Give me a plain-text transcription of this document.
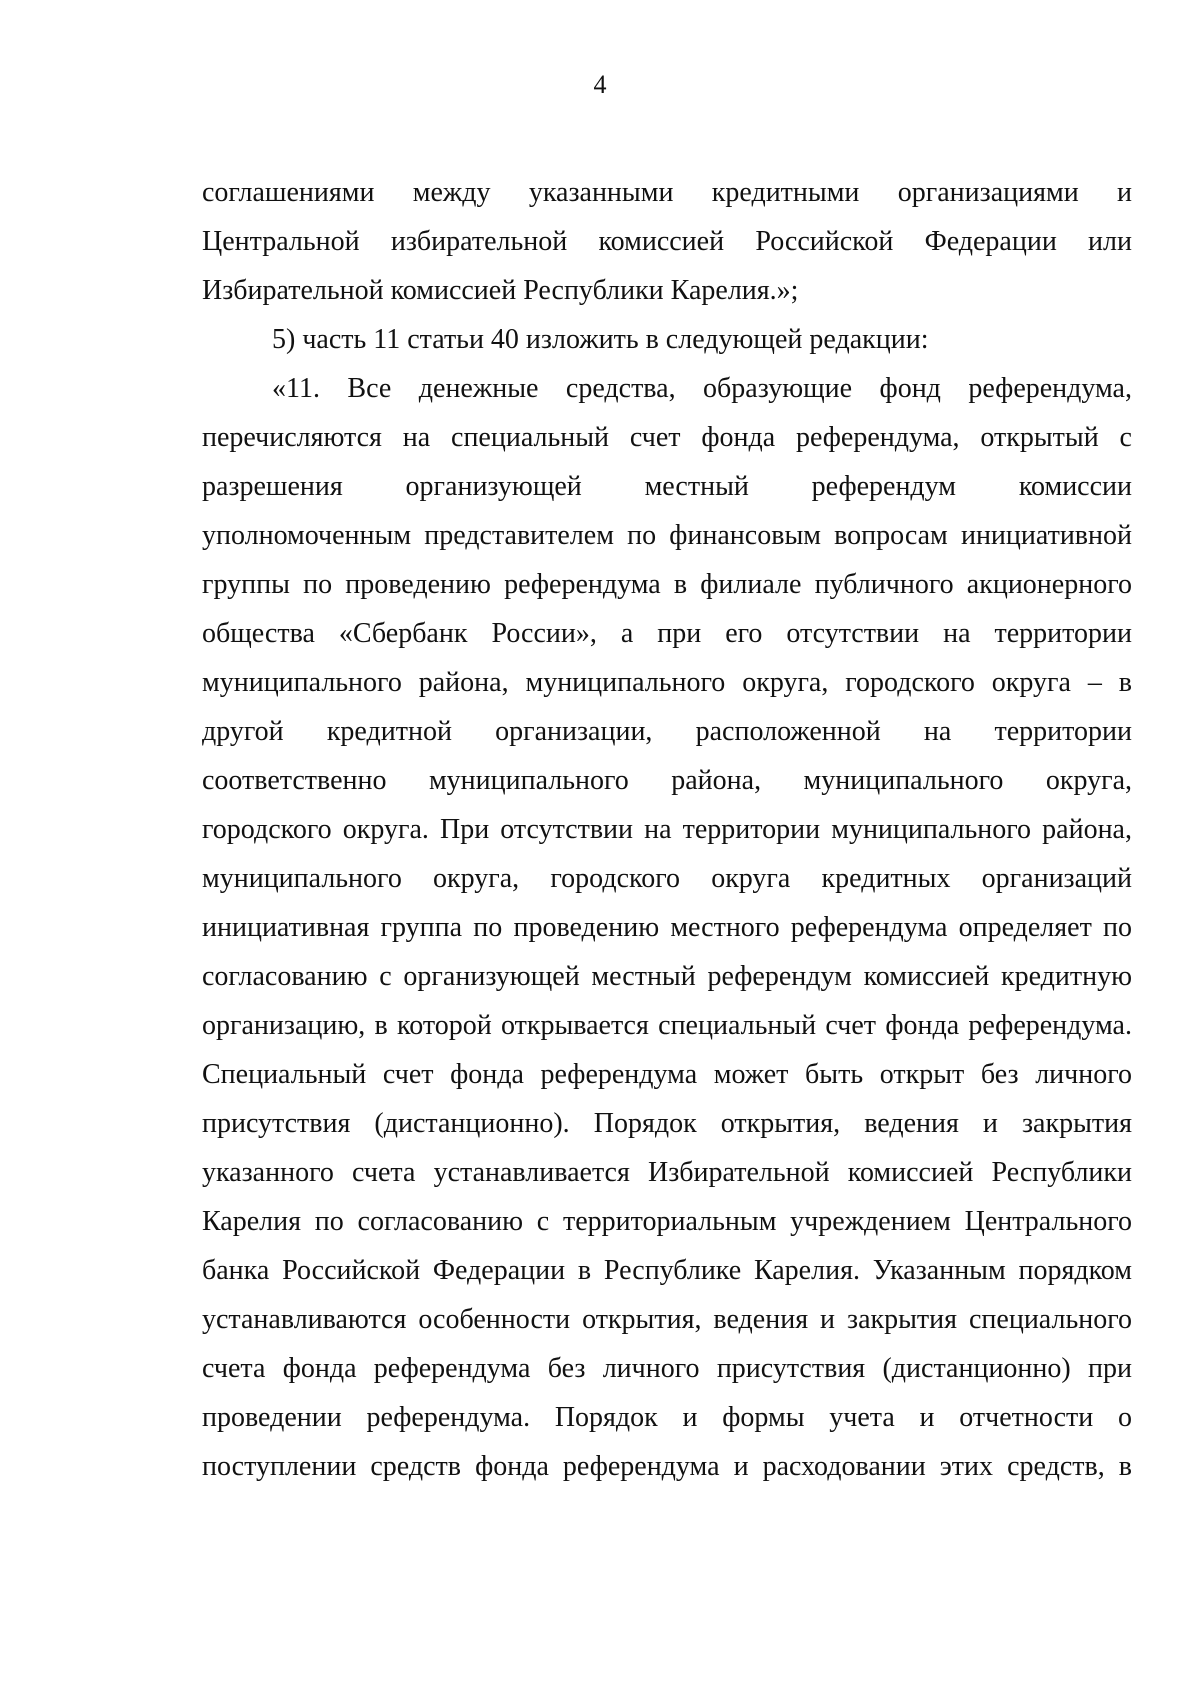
4
соглашениями между указанными кредитными организациями и
Центральной избирательной комиссией Российской Федерации или
Избирательной комиссией Республики Карелия.»;
5) часть 11 статьи 40 изложить в следующей редакции:
«11. Все денежные средства, образующие фонд референдума,
перечисляются на специальный счет фонда референдума, открытый с
разрешения организующей местный референдум комиссии
уполномоченным представителем по финансовым вопросам инициативной
группы по проведению референдума в филиале публичного акционерного
общества «Сбербанк России», а при его отсутствии на территории
муниципального района, муниципального округа, городского округа – в
другой кредитной организации, расположенной на территории
соответственно муниципального района, муниципального округа,
городского округа. При отсутствии на территории муниципального района,
муниципального округа, городского округа кредитных организаций
инициативная группа по проведению местного референдума определяет по
согласованию с организующей местный референдум комиссией кредитную
организацию, в которой открывается специальный счет фонда референдума.
Специальный счет фонда референдума может быть открыт без личного
присутствия (дистанционно). Порядок открытия, ведения и закрытия
указанного счета устанавливается Избирательной комиссией Республики
Карелия по согласованию с территориальным учреждением Центрального
банка Российской Федерации в Республике Карелия. Указанным порядком
устанавливаются особенности открытия, ведения и закрытия специального
счета фонда референдума без личного присутствия (дистанционно) при
проведении референдума. Порядок и формы учета и отчетности о
поступлении средств фонда референдума и расходовании этих средств, в
